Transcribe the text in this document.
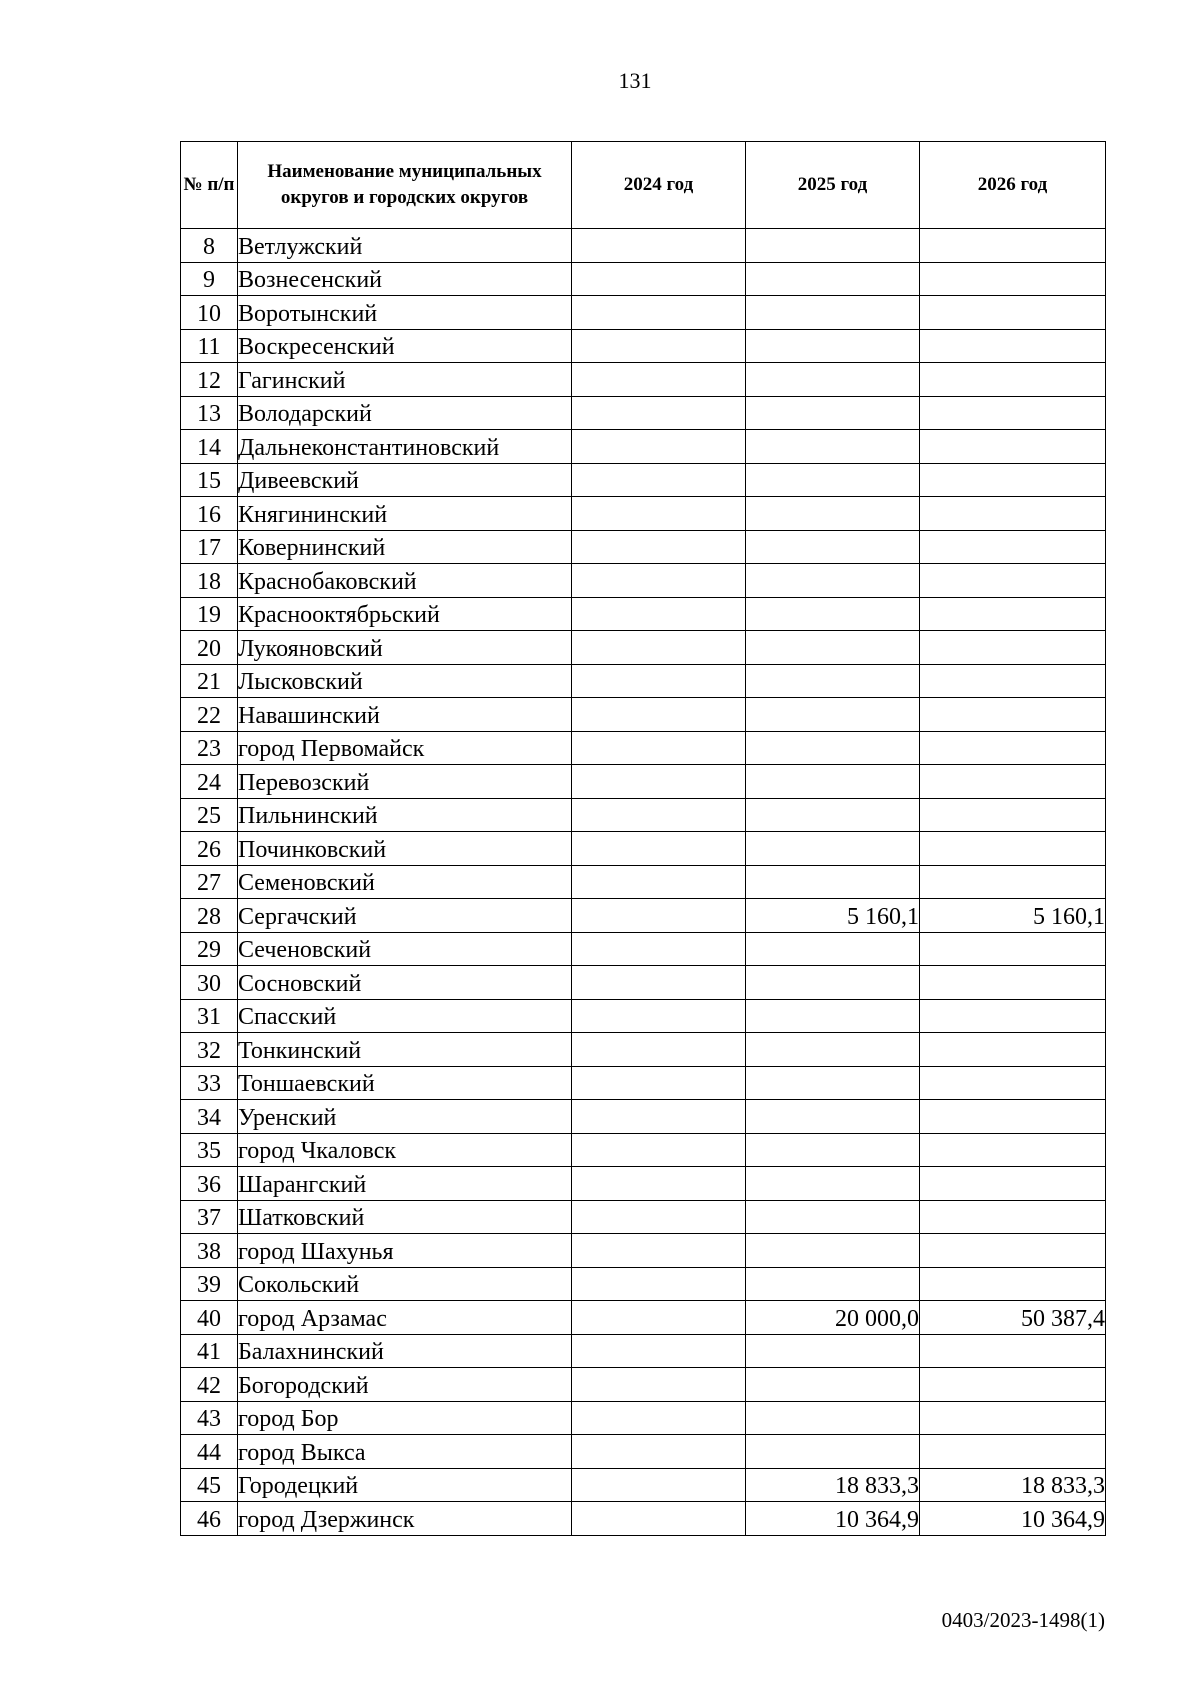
131
№ п/п	Наименование муниципальных округов и городских округов	2024 год	2025 год	2026 год
8	Ветлужский			
9	Вознесенский			
10	Воротынский			
11	Воскресенский			
12	Гагинский			
13	Володарский			
14	Дальнеконстантиновский			
15	Дивеевский			
16	Княгининский			
17	Ковернинский			
18	Краснобаковский			
19	Краснооктябрьский			
20	Лукояновский			
21	Лысковский			
22	Навашинский			
23	город Первомайск			
24	Перевозский			
25	Пильнинский			
26	Починковский			
27	Семеновский			
28	Сергачский		5 160,1	5 160,1
29	Сеченовский			
30	Сосновский			
31	Спасский			
32	Тонкинский			
33	Тоншаевский			
34	Уренский			
35	город Чкаловск			
36	Шарангский			
37	Шатковский			
38	город Шахунья			
39	Сокольский			
40	город Арзамас		20 000,0	50 387,4
41	Балахнинский			
42	Богородский			
43	город Бор			
44	город Выкса			
45	Городецкий		18 833,3	18 833,3
46	город Дзержинск		10 364,9	10 364,9
0403/2023-1498(1)
